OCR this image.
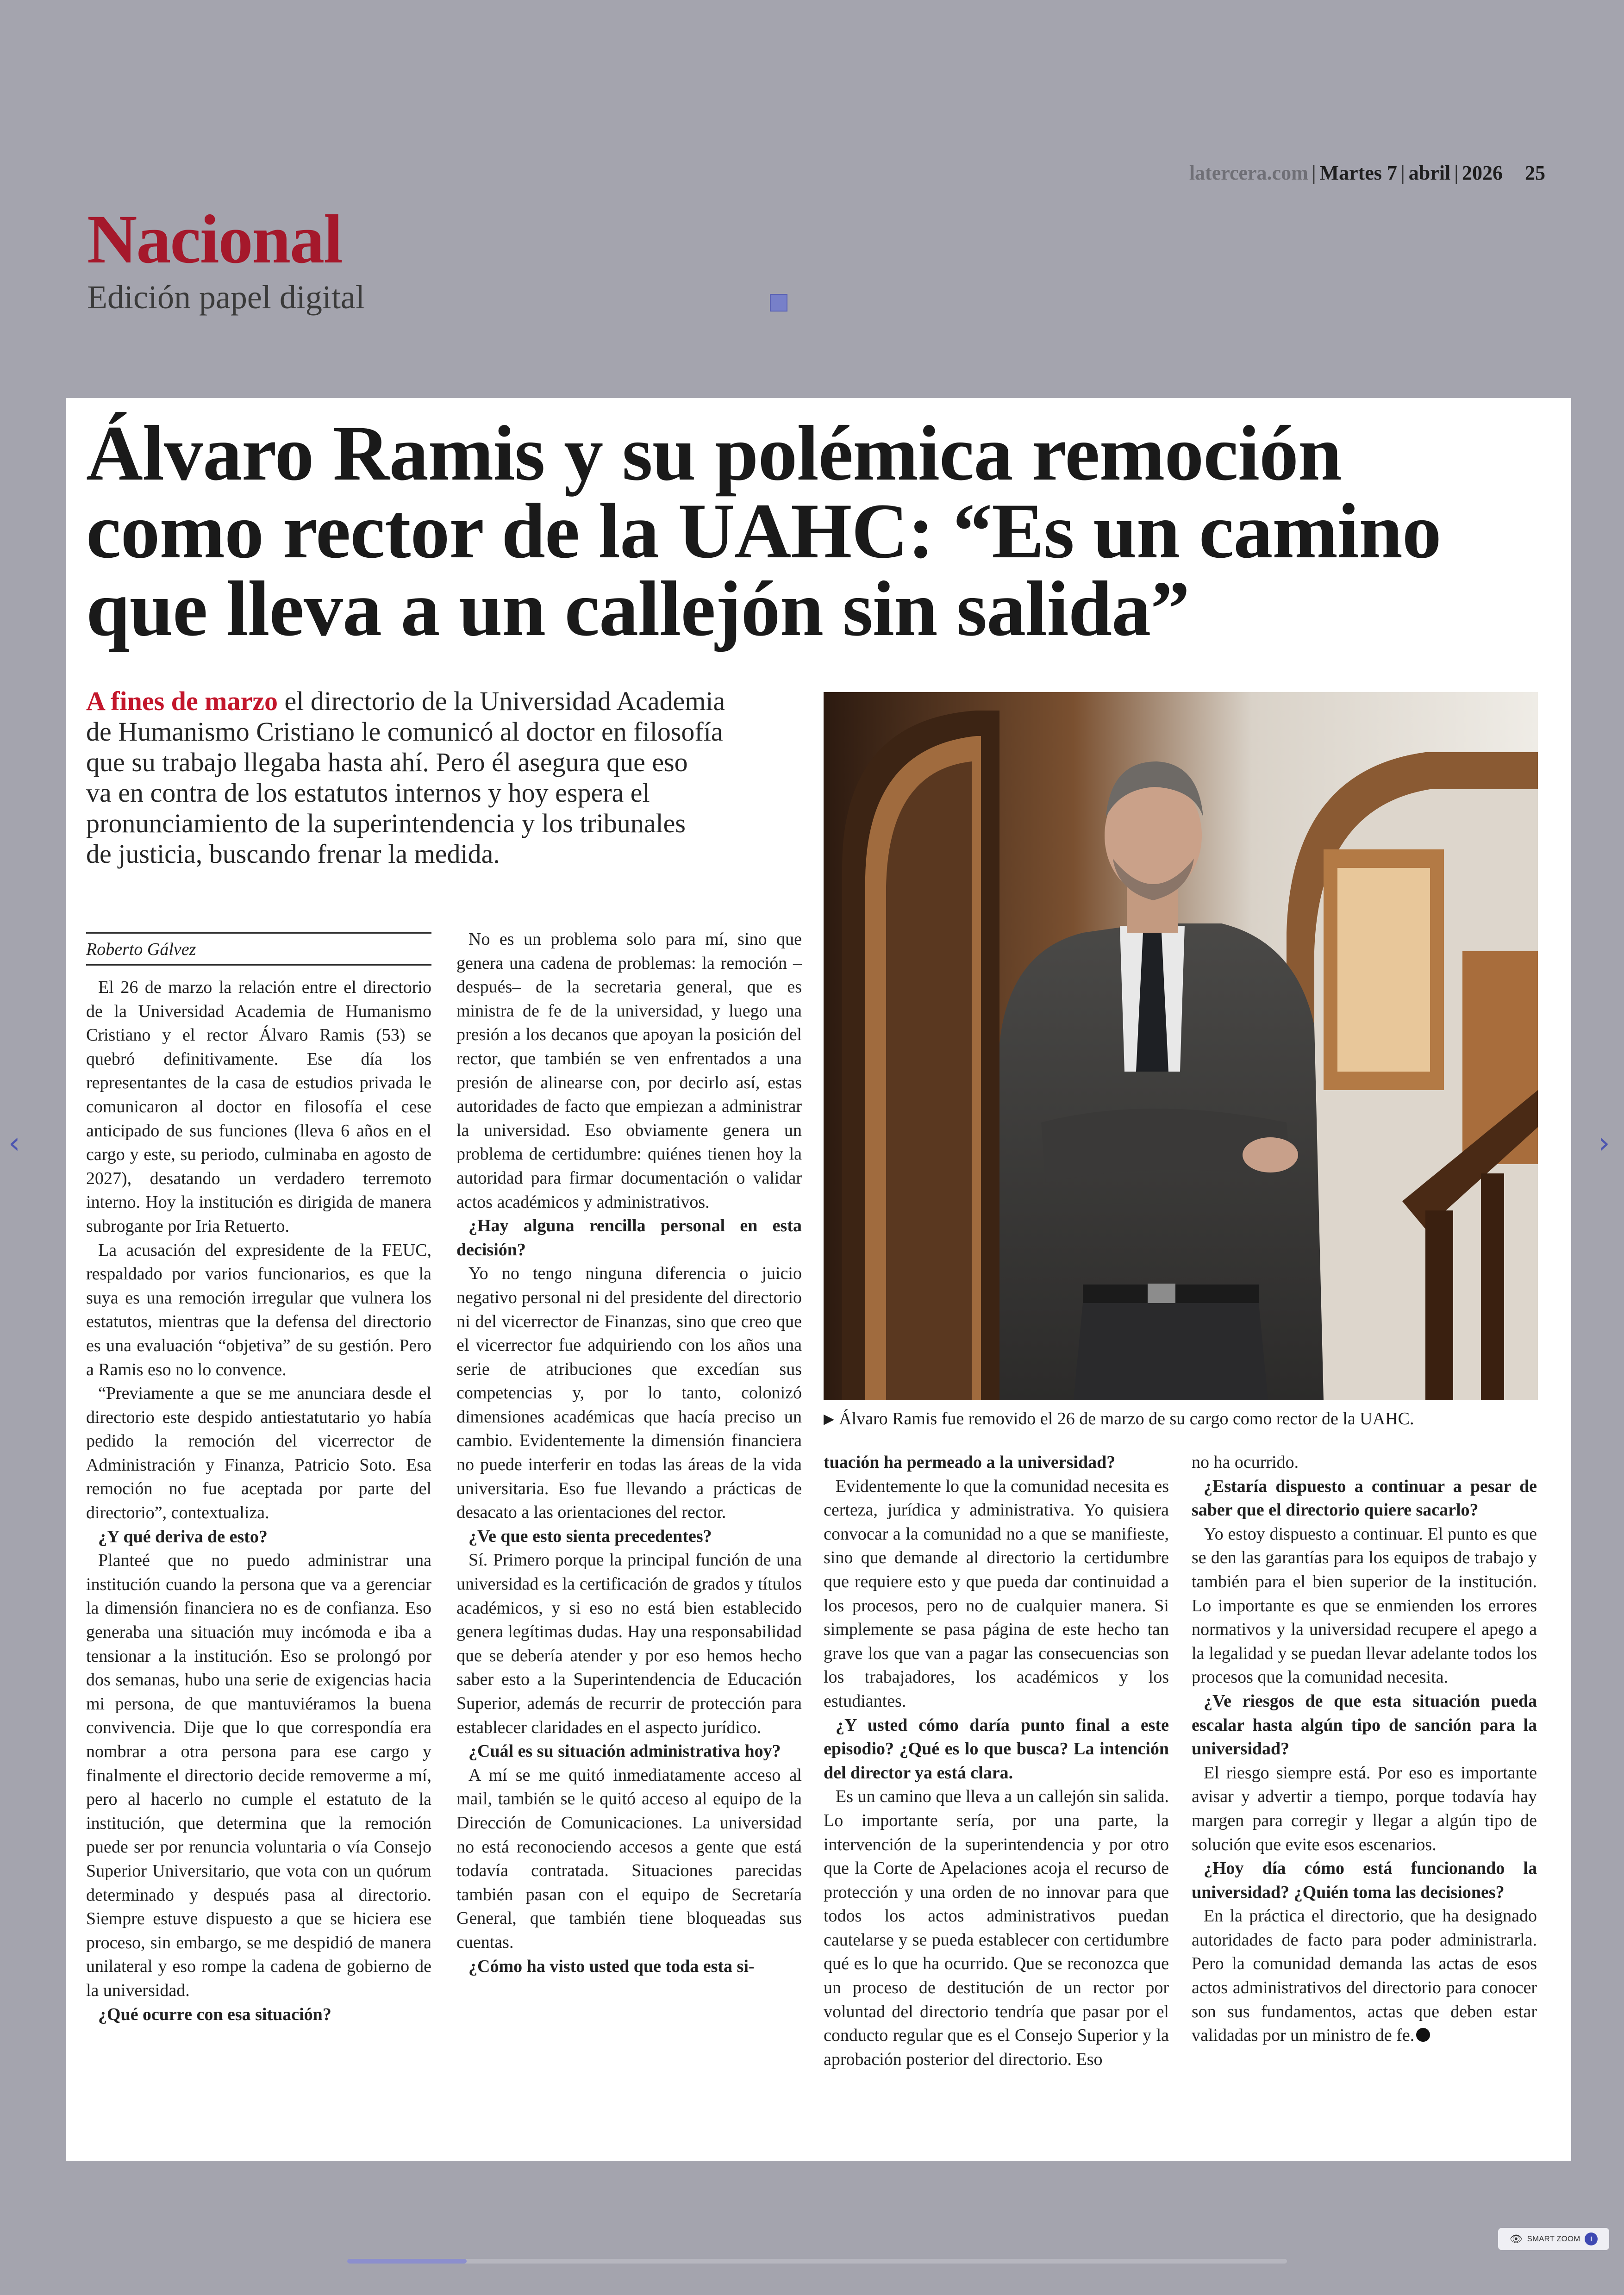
latercera.com | Martes 7 | abril | 2026 25
Nacional
Edición papel digital
Álvaro Ramis y su polémica remoción
como rector de la UAHC: “Es un camino
que lleva a un callejón sin salida”
A fines de marzo el directorio de la Universidad Academia
de Humanismo Cristiano le comunicó al doctor en filosofía
que su trabajo llegaba hasta ahí. Pero él asegura que eso
va en contra de los estatutos internos y hoy espera el
pronunciamiento de la superintendencia y los tribunales
de justicia, buscando frenar la medida.
▶ Álvaro Ramis fue removido el 26 de marzo de su cargo como rector de la UAHC.
Roberto Gálvez

El 26 de marzo la relación entre el directorio de la Universidad Academia de Humanismo Cristiano y el rector Álvaro Ramis (53) se quebró definitivamente. Ese día los representantes de la casa de estudios privada le comunicaron al doctor en filosofía el cese anticipado de sus funciones (lleva 6 años en el cargo y este, su periodo, culminaba en agosto de 2027), desatando un verdadero terremoto interno. Hoy la institución es dirigida de manera subrogante por Iria Retuerto.

La acusación del expresidente de la FEUC, respaldado por varios funcionarios, es que la suya es una remoción irregular que vulnera los estatutos, mientras que la defensa del directorio es una evaluación “objetiva” de su gestión. Pero a Ramis eso no lo convence.

“Previamente a que se me anunciara desde el directorio este despido antiestatutario yo había pedido la remoción del vicerrector de Administración y Finanza, Patricio Soto. Esa remoción no fue aceptada por parte del directorio”, contextualiza.

¿Y qué deriva de esto?

Planteé que no puedo administrar una institución cuando la persona que va a gerenciar la dimensión financiera no es de confianza. Eso generaba una situación muy incómoda e iba a tensionar a la institución. Eso se prolongó por dos semanas, hubo una serie de exigencias hacia mi persona, de que mantuviéramos la buena convivencia. Dije que lo que correspondía era nombrar a otra persona para ese cargo y finalmente el directorio decide removerme a mí, pero al hacerlo no cumple el estatuto de la institución, que determina que la remoción puede ser por renuncia voluntaria o vía Consejo Superior Universitario, que vota con un quórum determinado y después pasa al directorio. Siempre estuve dispuesto a que se hiciera ese proceso, sin embargo, se me despidió de manera unilateral y eso rompe la cadena de gobierno de la universidad.

¿Qué ocurre con esa situación?

No es un problema solo para mí, sino que genera una cadena de problemas: la remoción –después– de la secretaria general, que es ministra de fe de la universidad, y luego una presión a los decanos que apoyan la posición del rector, que también se ven enfrentados a una presión de alinearse con, por decirlo así, estas autoridades de facto que empiezan a administrar la universidad. Eso obviamente genera un problema de certidumbre: quiénes tienen hoy la autoridad para firmar documentación o validar actos académicos y administrativos.

¿Hay alguna rencilla personal en esta decisión?

Yo no tengo ninguna diferencia o juicio negativo personal ni del presidente del directorio ni del vicerrector de Finanzas, sino que creo que el vicerrector fue adquiriendo con los años una serie de atribuciones que excedían sus competencias y, por lo tanto, colonizó dimensiones académicas que hacía preciso un cambio. Evidentemente la dimensión financiera no puede interferir en todas las áreas de la vida universitaria. Eso fue llevando a prácticas de desacato a las orientaciones del rector.

¿Ve que esto sienta precedentes?

Sí. Primero porque la principal función de una universidad es la certificación de grados y títulos académicos, y si eso no está bien establecido genera legítimas dudas. Hay una responsabilidad que se debería atender y por eso hemos hecho saber esto a la Superintendencia de Educación Superior, además de recurrir de protección para establecer claridades en el aspecto jurídico.

¿Cuál es su situación administrativa hoy?

A mí se me quitó inmediatamente acceso al mail, también se le quitó acceso al equipo de la Dirección de Comunicaciones. La universidad no está reconociendo accesos a gente que está todavía contratada. Situaciones parecidas también pasan con el equipo de Secretaría General, que también tiene bloqueadas sus cuentas.

¿Cómo ha visto usted que toda esta si-

tuación ha permeado a la universidad?

Evidentemente lo que la comunidad necesita es certeza, jurídica y administrativa. Yo quisiera convocar a la comunidad no a que se manifieste, sino que demande al directorio la certidumbre que requiere esto y que pueda dar continuidad a los procesos, pero no de cualquier manera. Si simplemente se pasa página de este hecho tan grave los que van a pagar las consecuencias son los trabajadores, los académicos y los estudiantes.

¿Y usted cómo daría punto final a este episodio? ¿Qué es lo que busca? La intención del director ya está clara.

Es un camino que lleva a un callejón sin salida. Lo importante sería, por una parte, la intervención de la superintendencia y por otro que la Corte de Apelaciones acoja el recurso de protección y una orden de no innovar para que todos los actos administrativos puedan cautelarse y se pueda establecer con certidumbre qué es lo que ha ocurrido. Que se reconozca que un proceso de destitución de un rector por voluntad del directorio tendría que pasar por el conducto regular que es el Consejo Superior y la aprobación posterior del directorio. Eso

no ha ocurrido.

¿Estaría dispuesto a continuar a pesar de saber que el directorio quiere sacarlo?

Yo estoy dispuesto a continuar. El punto es que se den las garantías para los equipos de trabajo y también para el bien superior de la institución. Lo importante es que se enmienden los errores normativos y la universidad recupere el apego a la legalidad y se puedan llevar adelante todos los procesos que la comunidad necesita.

¿Ve riesgos de que esta situación pueda escalar hasta algún tipo de sanción para la universidad?

El riesgo siempre está. Por eso es importante avisar y advertir a tiempo, porque todavía hay margen para corregir y llegar a algún tipo de solución que evite esos escenarios.

¿Hoy día cómo está funcionando la universidad? ¿Quién toma las decisiones?

En la práctica el directorio, que ha designado autoridades de facto para poder administrarla. Pero la comunidad demanda las actas de esos actos administrativos del directorio para conocer son sus fundamentos, actas que deben estar validadas por un ministro de fe.

‹	›
👁 SMART ZOOM	i
